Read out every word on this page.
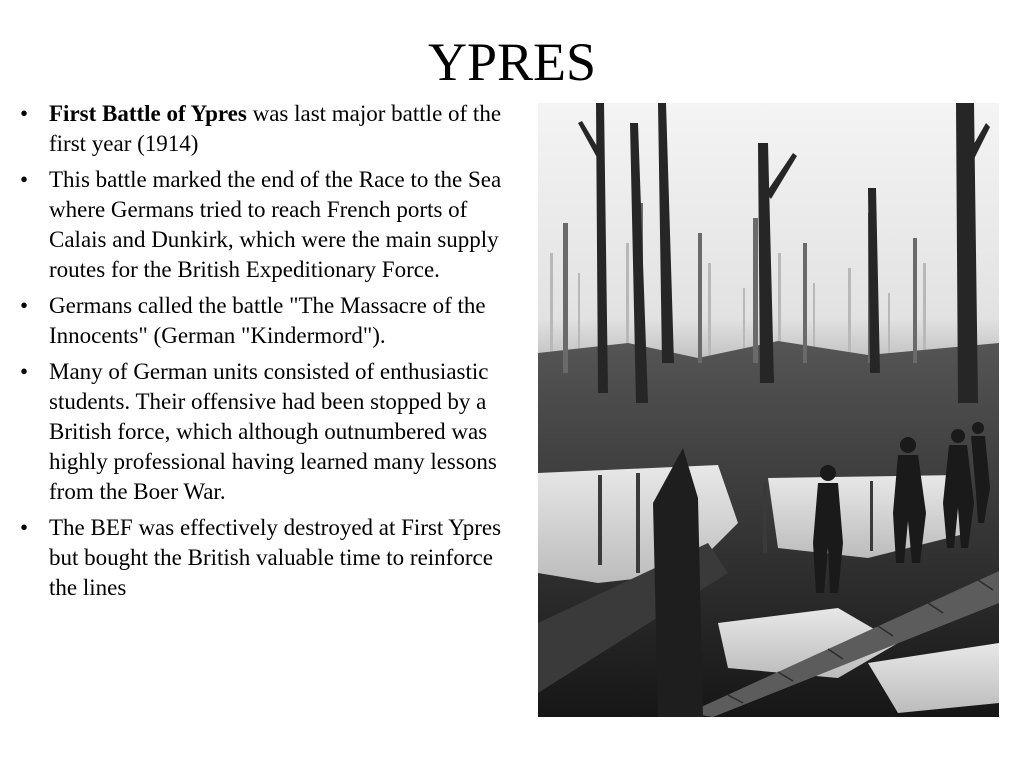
YPRES
• First Battle of Ypres was last major battle of the first year (1914)
• This battle marked the end of the Race to the Sea where Germans tried to reach French ports of Calais and Dunkirk, which were the main supply routes for the British Expeditionary Force.
• Germans called the battle "The Massacre of the Innocents" (German "Kindermord").
• Many of German units consisted of enthusiastic students. Their offensive had been stopped by a British force, which although outnumbered was highly professional having learned many lessons from the Boer War.
• The BEF was effectively destroyed at First Ypres but bought the British valuable time to reinforce the lines
